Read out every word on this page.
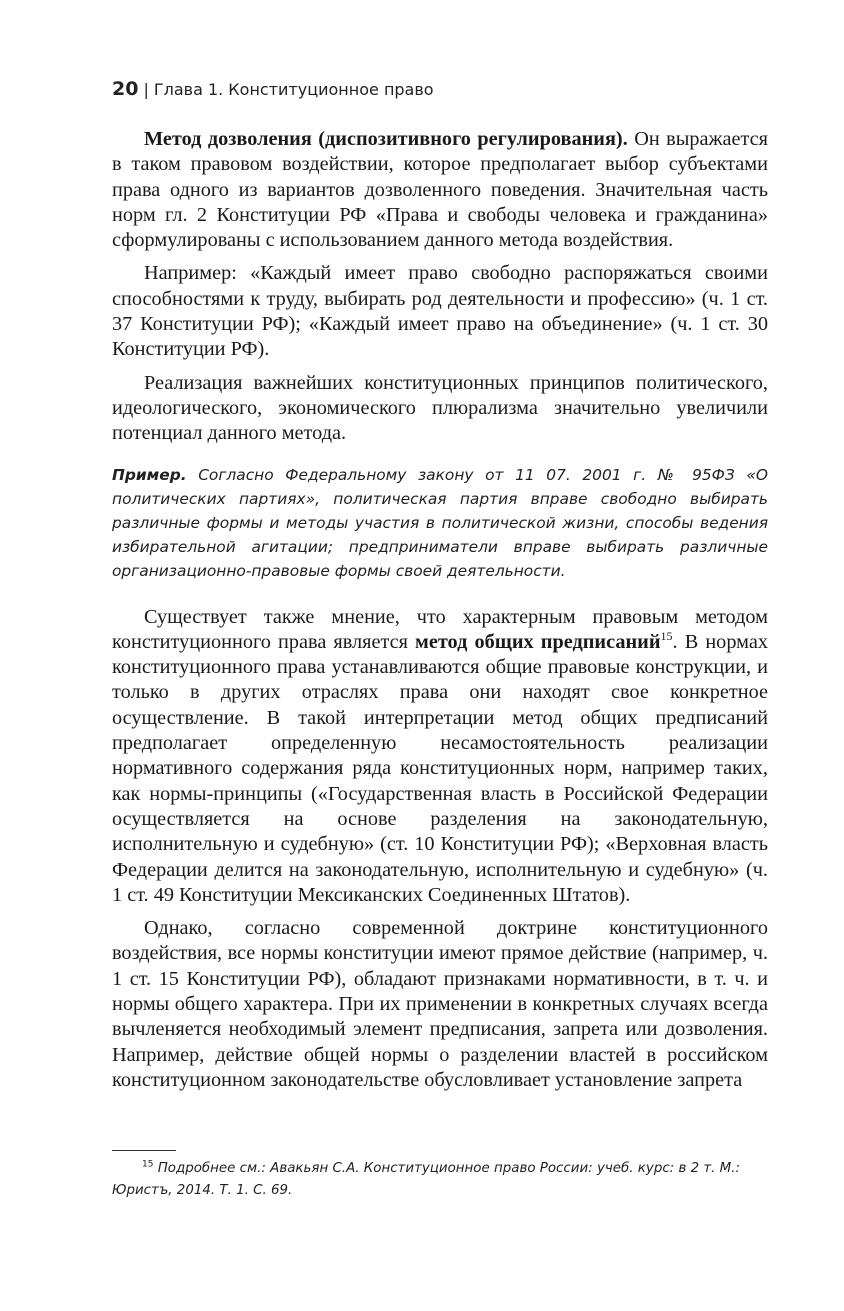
20 | Глава 1. Конституционное право

Метод дозволения (диспозитивного регулирования). Он выражается в таком правовом воздействии, которое предполагает выбор субъектами права одного из вариантов дозволенного поведения. Значительная часть норм гл. 2 Конституции РФ «Права и свободы человека и гражданина» сформулированы с использованием данного метода воздействия.

Например: «Каждый имеет право свободно распоряжаться своими способностями к труду, выбирать род деятельности и профессию» (ч. 1 ст. 37 Конституции РФ); «Каждый имеет право на объединение» (ч. 1 ст. 30 Конституции РФ).

Реализация важнейших конституционных принципов политического, идеологического, экономического плюрализма значительно увеличили потенциал данного метода.

Пример. Согласно Федеральному закону от 11 07. 2001 г. № 95ФЗ «О политических партиях», политическая партия вправе свободно выбирать различные формы и методы участия в политической жизни, способы ведения избирательной агитации; предприниматели вправе выбирать различные организационно-правовые формы своей деятельности.

Существует также мнение, что характерным правовым методом конституционного права является метод общих предписаний$^{15}$. В нормах конституционного права устанавливаются общие правовые конструкции, и только в других отраслях права они находят свое конкретное осуществление. В такой интерпретации метод общих предписаний предполагает определенную несамостоятельность реализации нормативного содержания ряда конституционных норм, например таких, как нормы-принципы («Государственная власть в Российской Федерации осуществляется на основе разделения на законодательную, исполнительную и судебную» (ст. 10 Конституции РФ); «Верховная власть Федерации делится на законодательную, исполнительную и судебную» (ч. 1 ст. 49 Конституции Мексиканских Соединенных Штатов).

Однако, согласно современной доктрине конституционного воздействия, все нормы конституции имеют прямое действие (например, ч. 1 ст. 15 Конституции РФ), обладают признаками нормативности, в т. ч. и нормы общего характера. При их применении в конкретных случаях всегда вычленяется необходимый элемент предписания, запрета или дозволения. Например, действие общей нормы о разделении властей в российском конституционном законодательстве обусловливает установление запрета

$^{15}$ Подробнее см.: Авакьян С.А. Конституционное право России: учеб. курс: в 2 т. М.: Юристъ, 2014. Т. 1. С. 69.
